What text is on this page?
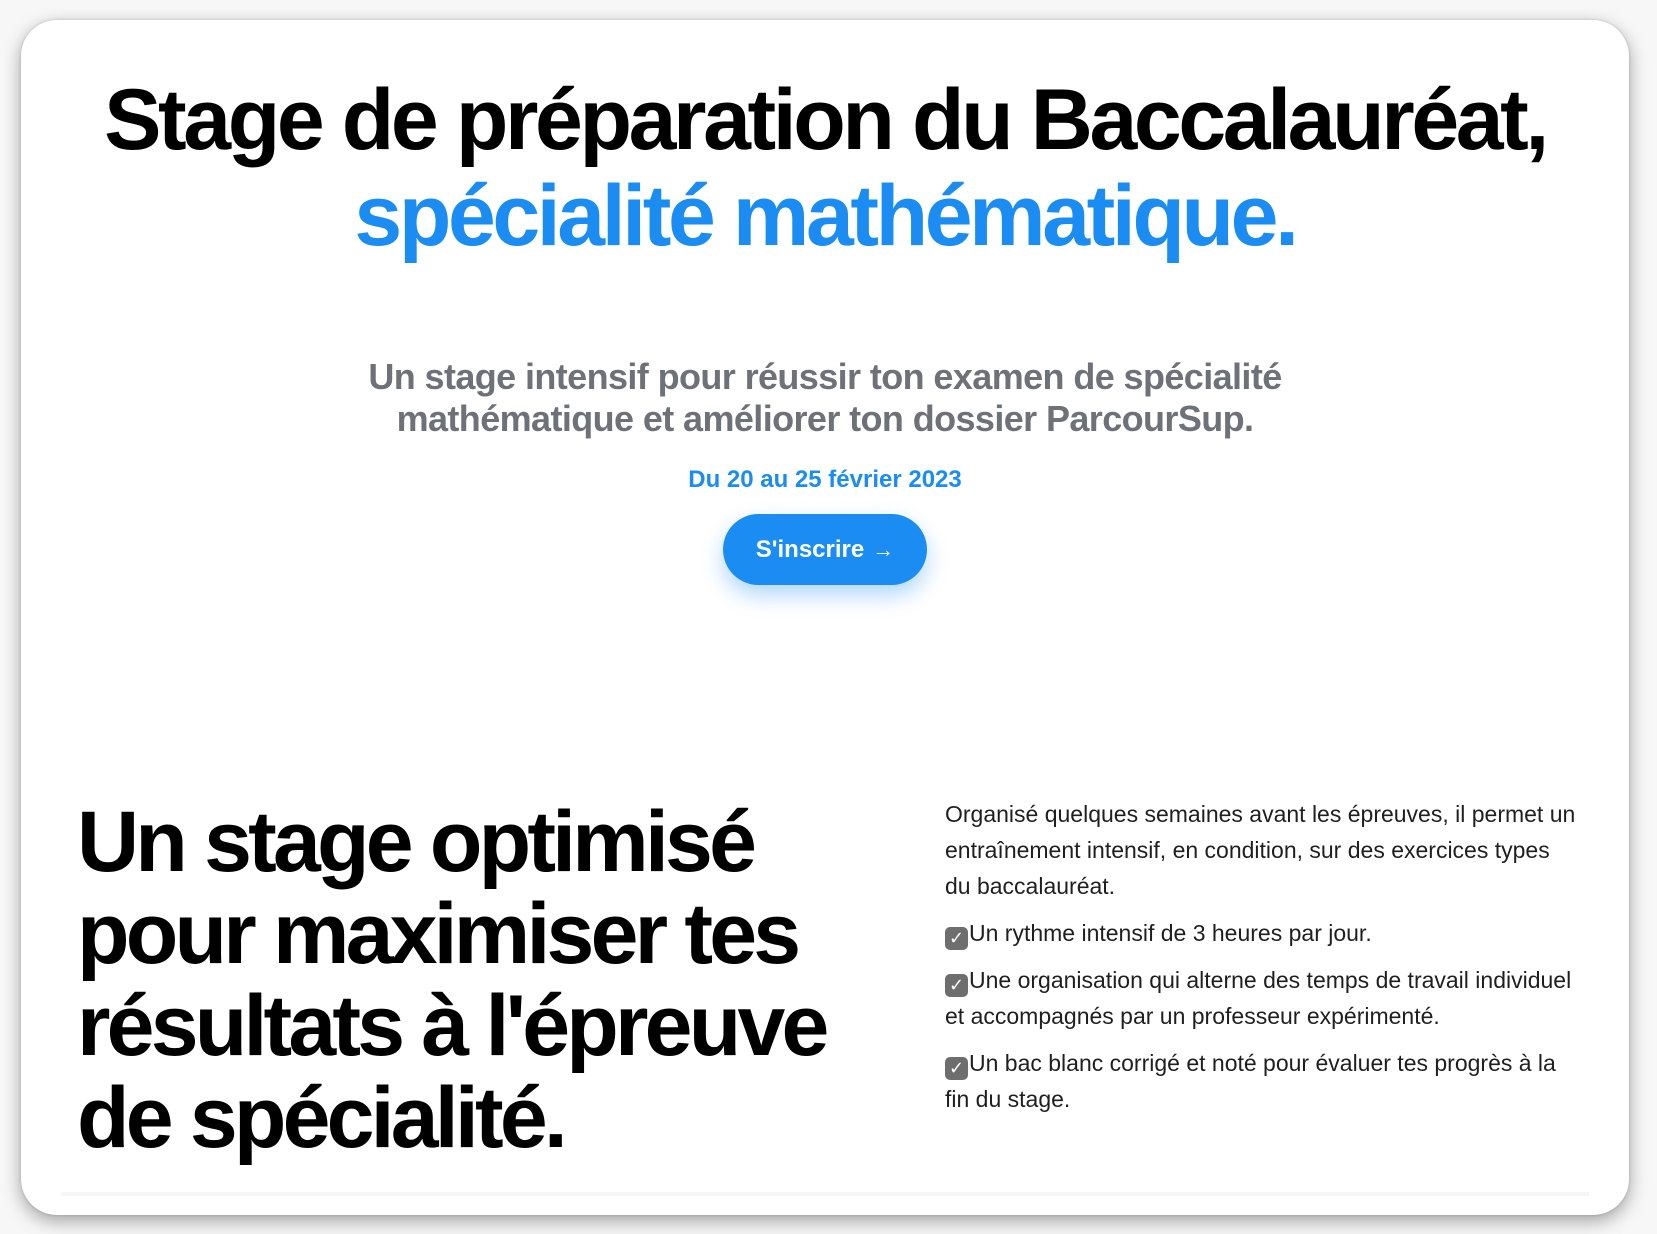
Stage de préparation du Baccalauréat,
spécialité mathématique.

Un stage intensif pour réussir ton examen de spécialité mathématique et améliorer ton dossier ParcourSup.

Du 20 au 25 février 2023

S'inscrire →
Un stage optimisé pour maximiser tes résultats à l'épreuve de spécialité.

Organisé quelques semaines avant les épreuves, il permet un entraînement intensif, en condition, sur des exercices types du baccalauréat.

✓ Un rythme intensif de 3 heures par jour.

✓ Une organisation qui alterne des temps de travail individuel et accompagnés par un professeur expérimenté.

✓ Un bac blanc corrigé et noté pour évaluer tes progrès à la fin du stage.
